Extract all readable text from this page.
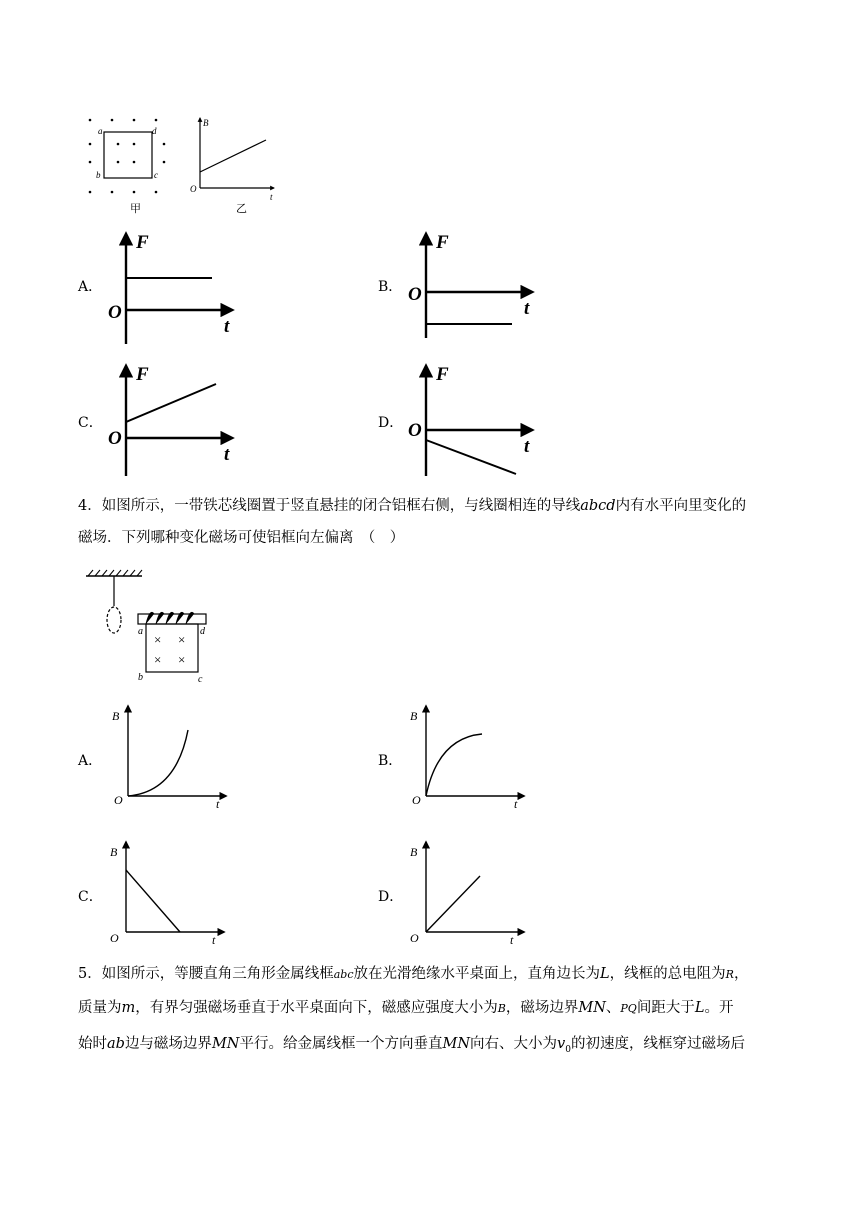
a	d
b	c
甲
B
t
O
乙
A．
F
t
O
B．
F
t
O
C．
F
t
O
D．
F
t
O
4．如图所示，一带铁芯线圈置于竖直悬挂的闭合铝框右侧，与线圈相连的导线abcd内有水平向里变化的
磁场．下列哪种变化磁场可使铝框向左偏离　（　）
× ×
× ×
a	d
b	c
A．
B
t
O
B．
B
t
O
C．
B
t
O
D．
B
t
O
5．如图所示，等腰直角三角形金属线框abc放在光滑绝缘水平桌面上，直角边长为L，线框的总电阻为R，
质量为m，有界匀强磁场垂直于水平桌面向下，磁感应强度大小为B，磁场边界MN、PQ间距大于L。开
始时ab边与磁场边界MN平行。给金属线框一个方向垂直MN向右、大小为$v_0$的初速度，线框穿过磁场后
